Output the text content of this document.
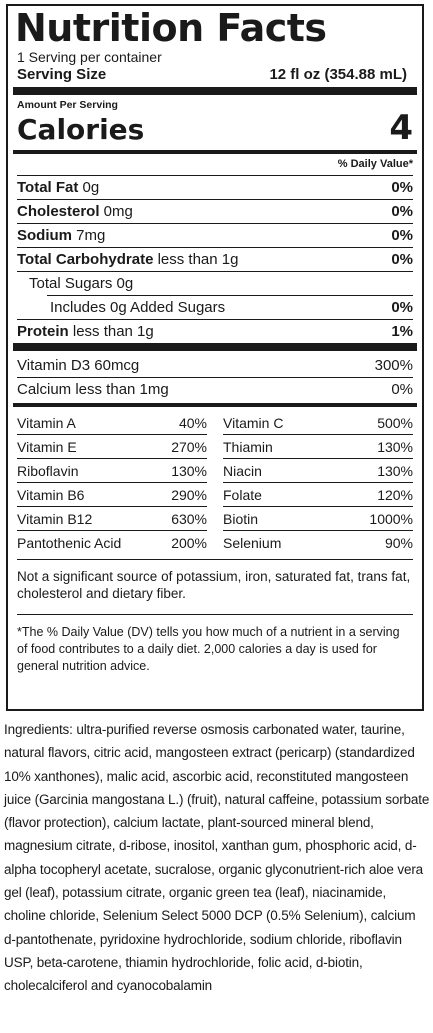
Nutrition Facts
1 Serving per container
Serving Size	12 fl oz (354.88 mL)
Amount Per Serving
Calories	4
% Daily Value*
Total Fat 0g	0%
Cholesterol 0mg	0%
Sodium 7mg	0%
Total Carbohydrate less than 1g	0%
Total Sugars 0g
Includes 0g Added Sugars	0%
Protein less than 1g	1%
Vitamin D3 60mcg	300%
Calcium less than 1mg	0%
Vitamin A	40% Vitamin C	500%
Vitamin E	270% Thiamin	130%
Riboflavin	130% Niacin	130%
Vitamin B6	290% Folate	120%
Vitamin B12	630% Biotin	1000%
Pantothenic Acid	200% Selenium	90%
Not a significant source of potassium, iron, saturated fat, trans fat, cholesterol and dietary fiber.
*The % Daily Value (DV) tells you how much of a nutrient in a serving of food contributes to a daily diet. 2,000 calories a day is used for general nutrition advice.
Ingredients: ultra-purified reverse osmosis carbonated water, taurine, natural flavors, citric acid, mangosteen extract (pericarp) (standardized 10% xanthones), malic acid, ascorbic acid, reconstituted mangosteen juice (Garcinia mangostana L.) (fruit), natural caffeine, potassium sorbate (flavor protection), calcium lactate, plant-sourced mineral blend, magnesium citrate, d-ribose, inositol, xanthan gum, phosphoric acid, d-alpha tocopheryl acetate, sucralose, organic glyconutrient-rich aloe vera gel (leaf), potassium citrate, organic green tea (leaf), niacinamide, choline chloride, Selenium Select 5000 DCP (0.5% Selenium), calcium d-pantothenate, pyridoxine hydrochloride, sodium chloride, riboflavin USP, beta-carotene, thiamin hydrochloride, folic acid, d-biotin, cholecalciferol and cyanocobalamin
